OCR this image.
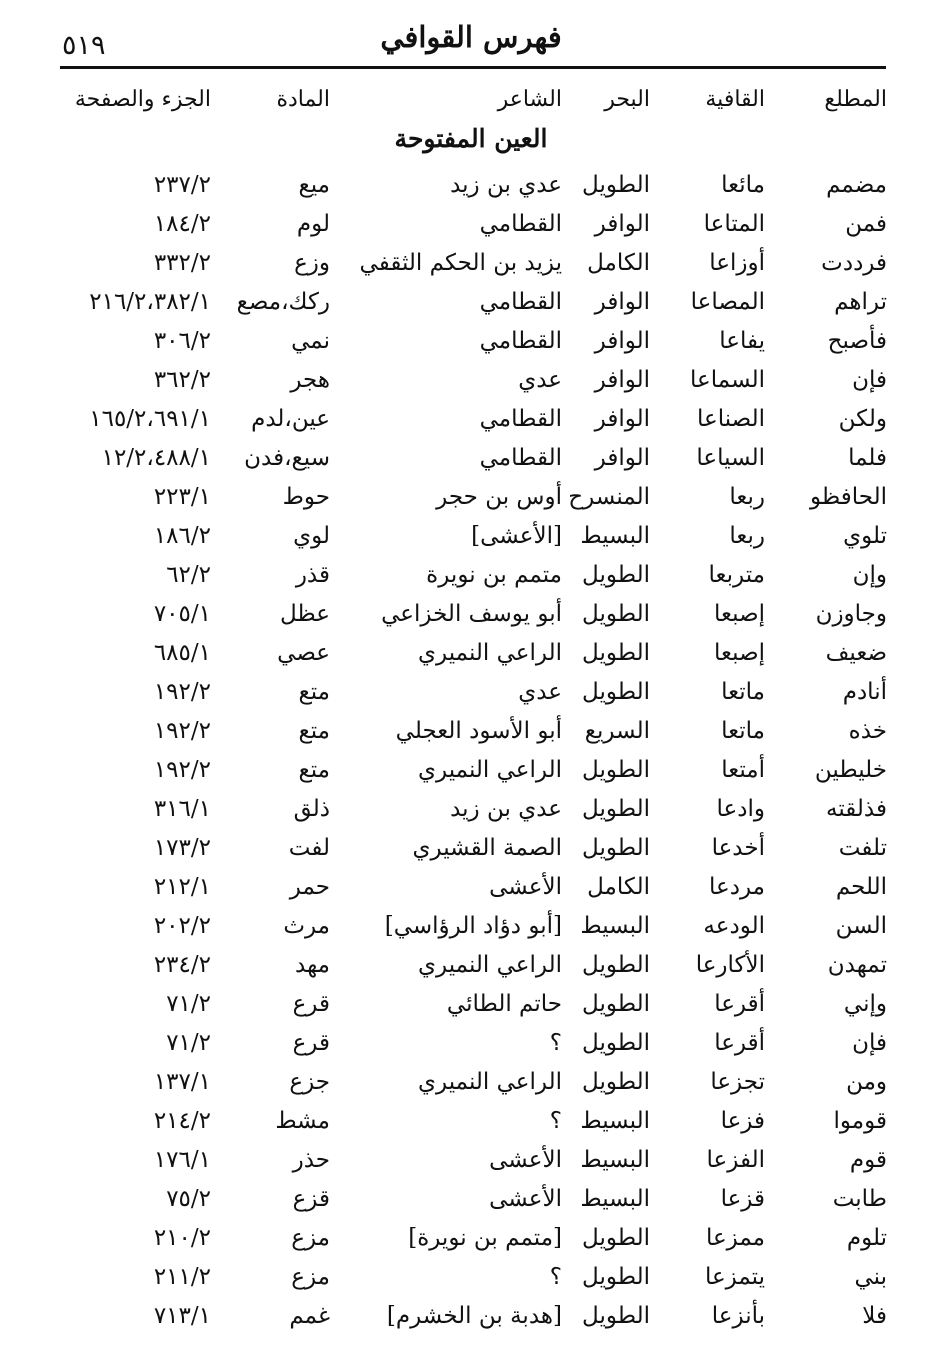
٥١٩	فهرس القوافي
المطلع
القافية
البحر
الشاعر
المادة
الجزء والصفحة
العين المفتوحة
مضمم
مائعا
الطويل
عدي بن زيد
ميع
٢٣٧/٢
فمن
المتاعا
الوافر
القطامي
لوم
١٨٤/٢
فرددت
أوزاعا
الكامل
يزيد بن الحكم الثقفي
وزع
٣٣٢/٢
تراهم
المصاعا
الوافر
القطامي
ركك،مصع
٢١٦/٢،٣٨٢/١
فأصبح
يفاعا
الوافر
القطامي
نمي
٣٠٦/٢
فإن
السماعا
الوافر
عدي
هجر
٣٦٢/٢
ولكن
الصناعا
الوافر
القطامي
عين،لدم
١٦٥/٢،٦٩١/١
فلما
السياعا
الوافر
القطامي
سيع،فدن
١٢/٢،٤٨٨/١
الحافظو
ربعا
المنسرح
أوس بن حجر
حوط
٢٢٣/١
تلوي
ربعا
البسيط
[الأعشى]
لوي
١٨٦/٢
وإن
متربعا
الطويل
متمم بن نويرة
قذر
٦٢/٢
وجاوزن
إصبعا
الطويل
أبو يوسف الخزاعي
عظل
٧٠٥/١
ضعيف
إصبعا
الطويل
الراعي النميري
عصي
٦٨٥/١
أنادم
ماتعا
الطويل
عدي
متع
١٩٢/٢
خذه
ماتعا
السريع
أبو الأسود العجلي
متع
١٩٢/٢
خليطين
أمتعا
الطويل
الراعي النميري
متع
١٩٢/٢
فذلقته
وادعا
الطويل
عدي بن زيد
ذلق
٣١٦/١
تلفت
أخدعا
الطويل
الصمة القشيري
لفت
١٧٣/٢
اللحم
مردعا
الكامل
الأعشى
حمر
٢١٢/١
السن
الودعه
البسيط
[أبو دؤاد الرؤاسي]
مرث
٢٠٢/٢
تمهدن
الأكارعا
الطويل
الراعي النميري
مهد
٢٣٤/٢
وإني
أقرعا
الطويل
حاتم الطائي
قرع
٧١/٢
فإن
أقرعا
الطويل
؟
قرع
٧١/٢
ومن
تجزعا
الطويل
الراعي النميري
جزع
١٣٧/١
قوموا
فزعا
البسيط
؟
مشط
٢١٤/٢
قوم
الفزعا
البسيط
الأعشى
حذر
١٧٦/١
طابت
قزعا
البسيط
الأعشى
قزع
٧٥/٢
تلوم
ممزعا
الطويل
[متمم بن نويرة]
مزع
٢١٠/٢
بني
يتمزعا
الطويل
؟
مزع
٢١١/٢
فلا
بأنزعا
الطويل
[هدبة بن الخشرم]
غمم
٧١٣/١
